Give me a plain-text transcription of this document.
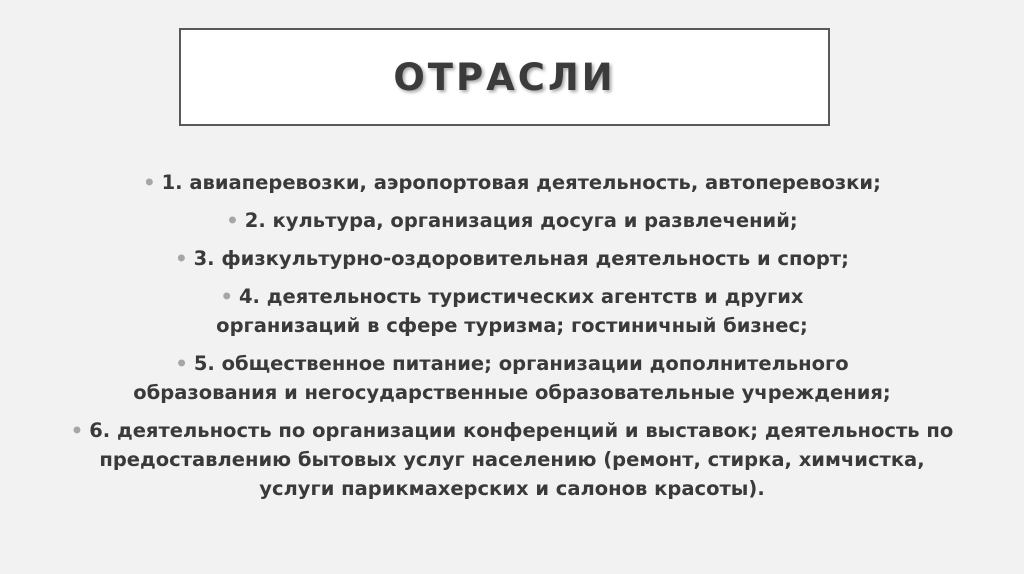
ОТРАСЛИ
• 1. авиаперевозки, аэропортовая деятельность, автоперевозки;
• 2. культура, организация досуга и развлечений;
• 3. физкультурно-оздоровительная деятельность и спорт;
• 4. деятельность туристических агентств и других организаций в сфере туризма; гостиничный бизнес;
• 5. общественное питание; организации дополнительного образования и негосударственные образовательные учреждения;
• 6. деятельность по организации конференций и выставок; деятельность по предоставлению бытовых услуг населению (ремонт, стирка, химчистка, услуги парикмахерских и салонов красоты).
